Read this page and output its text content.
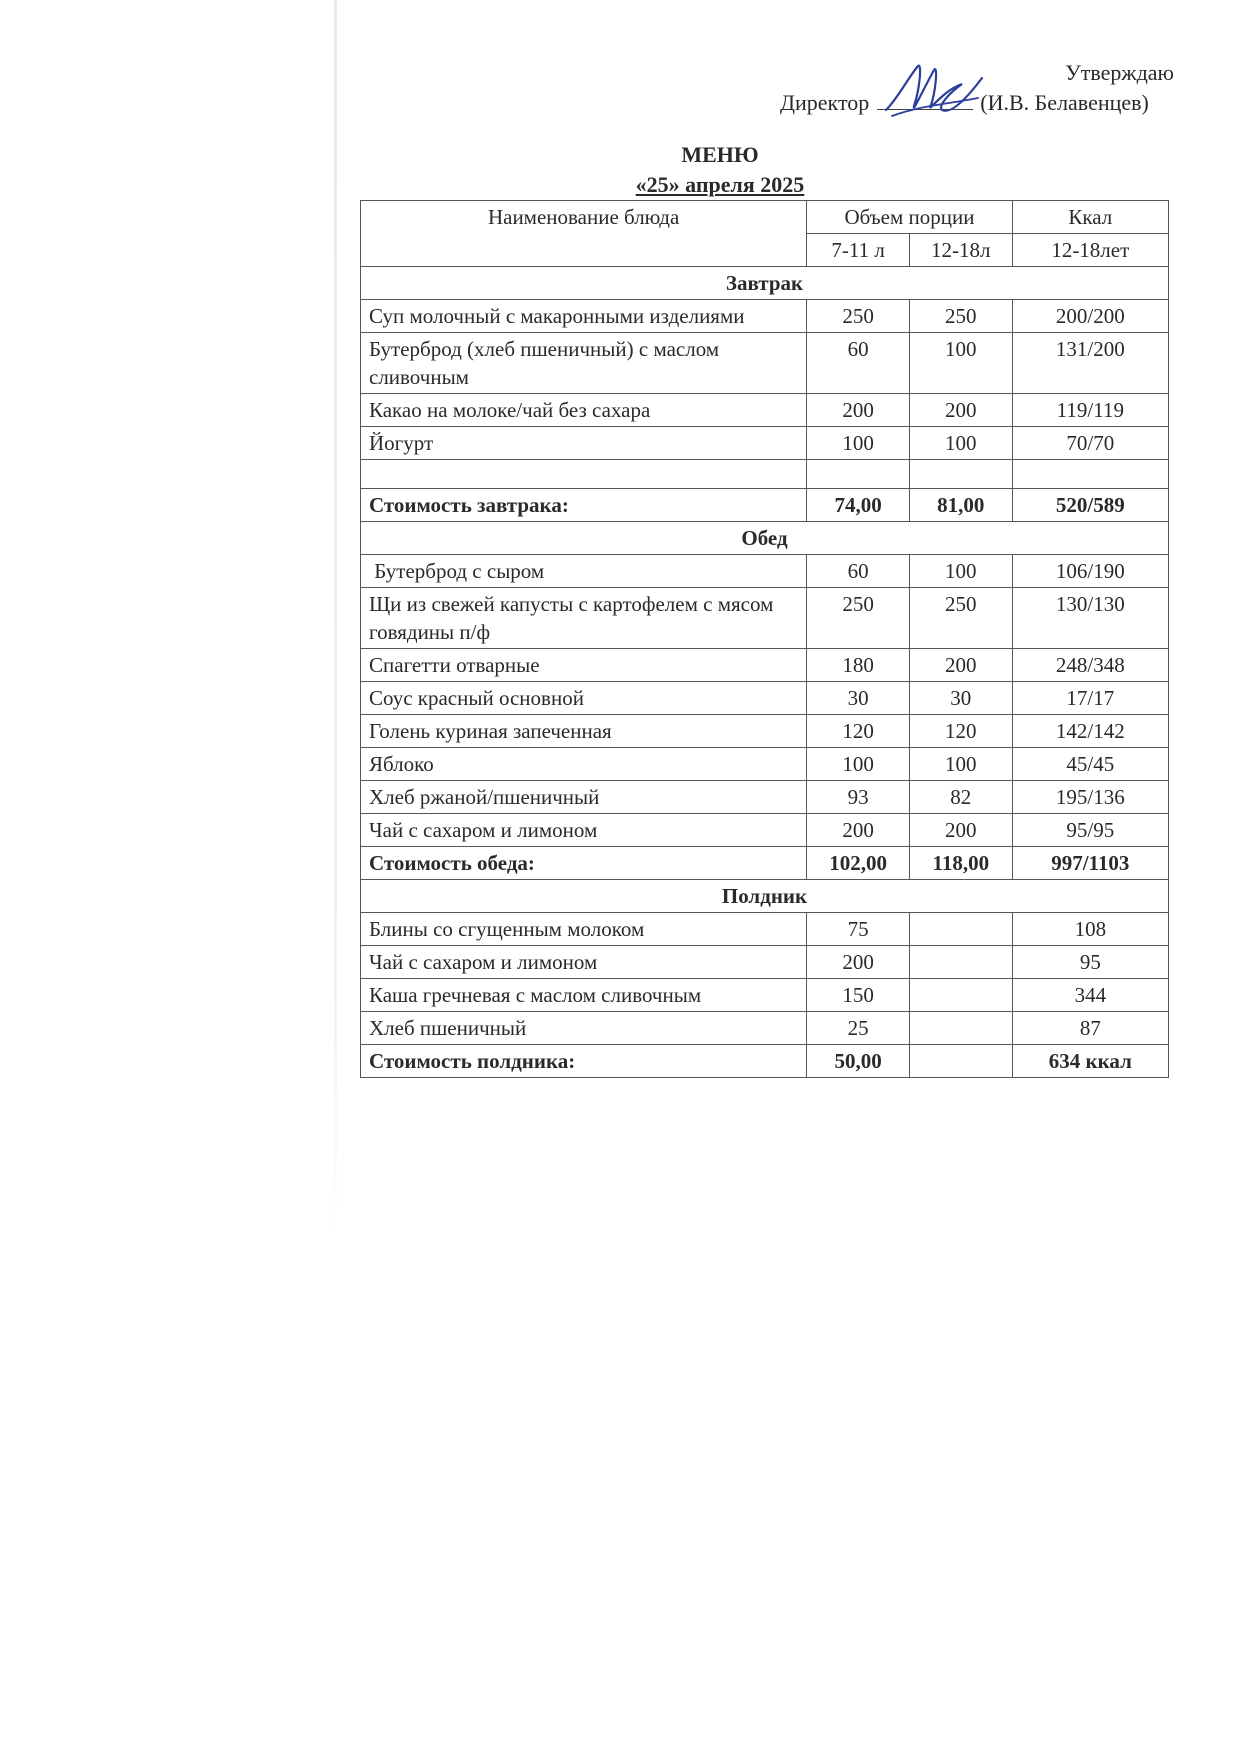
Утверждаю
Директор	(И.В. Белавенцев)
МЕНЮ
«25» апреля 2025
Наименование блюда	Объем порции		Ккал
	7-11 л	12-18л	12-18лет
Завтрак			
Суп молочный с макаронными изделиями	250	250	200/200
Бутерброд (хлеб пшеничный) с маслом сливочным	60	100	131/200
Какао на молоке/чай без сахара	200	200	119/119
Йогурт	100	100	70/70

Стоимость завтрака:	74,00	81,00	520/589
Обед			
Бутерброд с сыром	60	100	106/190
Щи из свежей капусты с картофелем с мясом говядины п/ф	250	250	130/130
Спагетти отварные	180	200	248/348
Соус красный основной	30	30	17/17
Голень куриная запеченная	120	120	142/142
Яблоко	100	100	45/45
Хлеб ржаной/пшеничный	93	82	195/136
Чай с сахаром и лимоном	200	200	95/95
Стоимость обеда:	102,00	118,00	997/1103
Полдник			
Блины со сгущенным молоком	75		108
Чай с сахаром и лимоном	200		95
Каша гречневая с маслом сливочным	150		344
Хлеб пшеничный	25		87
Стоимость полдника:	50,00		634 ккал
